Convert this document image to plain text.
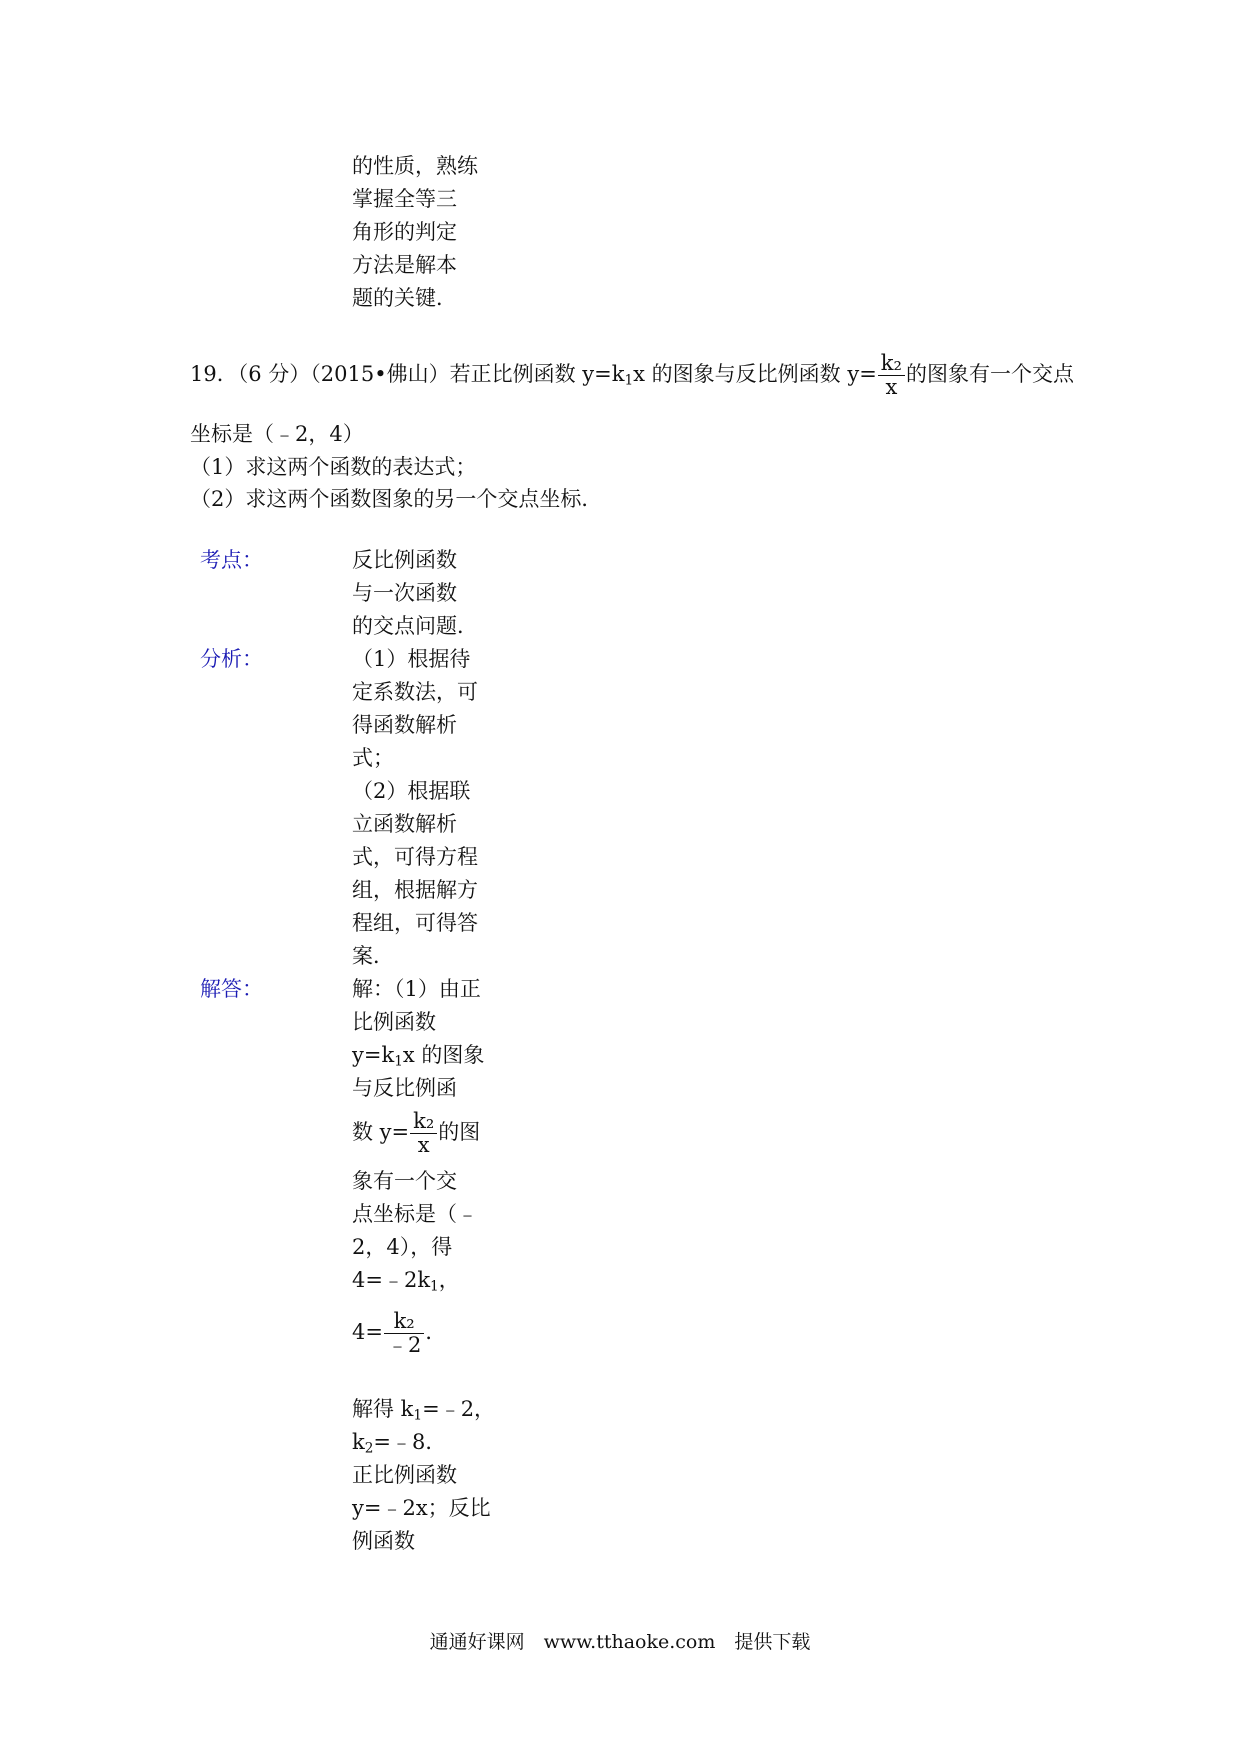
的性质，熟练
掌握全等三
角形的判定
方法是解本
题的关键．
19．（6 分）（2015•佛山）若正比例函数 $y=k_1x$ 的图象与反比例函数 $y= \frac{\text{k₂}}{x}$ 的图象有一个交点
坐标是（﹣2，4）
（1）求这两个函数的表达式；
（2）求这两个函数图象的另一个交点坐标．
考点：	反比例函数
与一次函数
的交点问题．
分析：	（1）根据待
定系数法，可
得函数解析
式；
（2）根据联
立函数解析
式，可得方程
组，根据解方
程组，可得答
案．
解答：	解：（1）由正
比例函数
$y=k_1x$ 的图象
与反比例函
数 $y= \frac{\text{k₂}}{x}$ 的图
象有一个交
点坐标是（﹣
2，4），得
$4=﹣2k_1$，
$4= \frac{\text{k₂}}{﹣2}$ ．
解得 $k_1=﹣2$，
$k_2=﹣8$．
正比例函数
y=﹣2x；反比
例函数
通通好课网　www.tthaoke.com　提供下载
